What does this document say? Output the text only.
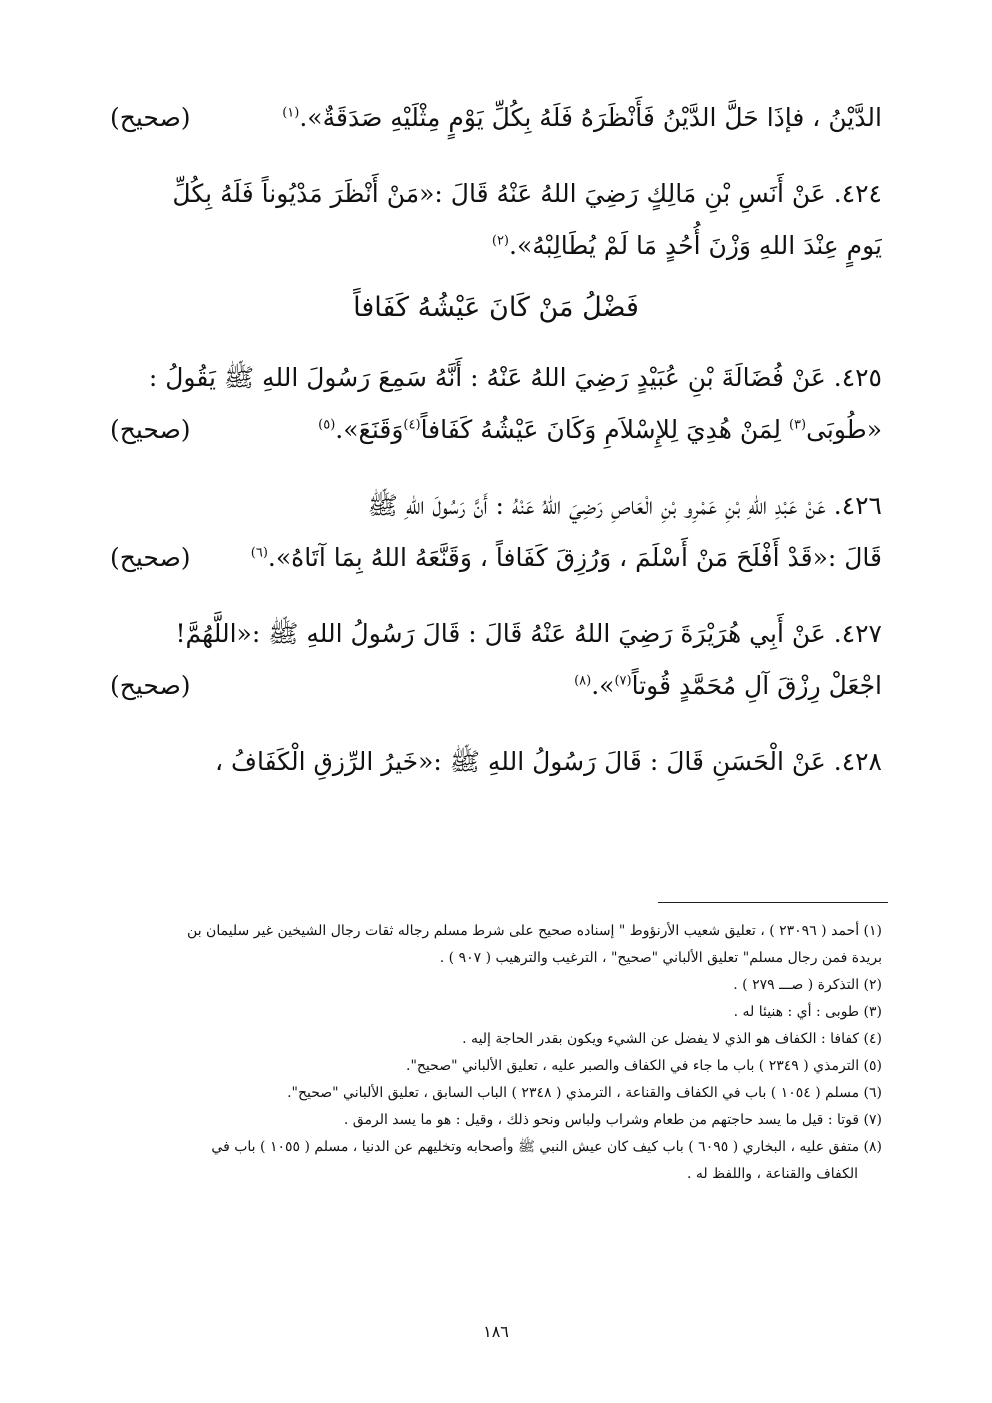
الدَّيْنُ ، فإذَا حَلَّ الدَّيْنُ فَأَنْظَرَهُ فَلَهُ بِكُلِّ يَوْمٍ مِثْلَيْهِ صَدَقَةٌ».$^{(١)}$
(صحيح)
٤٢٤. عَنْ أَنَسِ بْنِ مَالِكٍ رَضِيَ اللهُ عَنْهُ قَالَ :«مَنْ أَنْظَرَ مَدْيُوناً فَلَهُ بِكُلِّ
يَومٍ عِنْدَ اللهِ وَزْنَ أُحُدٍ مَا لَمْ يُطَالِبْهُ».$^{(٢)}$
فَضْلُ مَنْ كَانَ عَيْشُهُ كَفَافاً
٤٢٥. عَنْ فُضَالَةَ بْنِ عُبَيْدٍ رَضِيَ اللهُ عَنْهُ : أَنَّهُ سَمِعَ رَسُولَ اللهِ ﷺ يَقُولُ :
«طُوبَى$^{(٣)}$ لِمَنْ هُدِيَ لِلإِسْلاَمِ وَكَانَ عَيْشُهُ كَفَافاً$^{(٤)}$وَقَنَعَ».$^{(٥)}$
(صحيح)
٤٢٦. عَنْ عَبْدِ اللهِ بْنِ عَمْرِو بْنِ الْعَاصِ رَضِيَ اللهُ عَنْهُ : أَنَّ رَسُولَ اللهِ ﷺ
قَالَ :«قَدْ أَفْلَحَ مَنْ أَسْلَمَ ، وَرُزِقَ كَفَافاً ، وَقَنَّعَهُ اللهُ بِمَا آتَاهُ».$^{(٦)}$
(صحيح)
٤٢٧. عَنْ أَبِي هُرَيْرَةَ رَضِيَ اللهُ عَنْهُ قَالَ : قَالَ رَسُولُ اللهِ ﷺ :«اللَّهُمَّ!
اجْعَلْ رِزْقَ آلِ مُحَمَّدٍ قُوتاً$^{(٧)}$».$^{(٨)}$
(صحيح)
٤٢٨. عَنْ الْحَسَنِ قَالَ : قَالَ رَسُولُ اللهِ ﷺ :«خَيرُ الرِّزقِ الْكَفَافُ ،
(١) أحمد ( ٢٣٠٩٦ ) ، تعليق شعيب الأرنؤوط " إسناده صحيح على شرط مسلم رجاله ثقات رجال الشيخين غير سليمان بن
بريدة فمن رجال مسلم" تعليق الألباني "صحيح" ، الترغيب والترهيب ( ٩٠٧ ) .
(٢) التذكرة ( صـــ ٢٧٩ ) .
(٣) طوبى : أي : هنيئا له .
(٤) كفافا : الكفاف هو الذي لا يفضل عن الشيء ويكون بقدر الحاجة إليه .
(٥) الترمذي ( ٢٣٤٩ ) باب ما جاء في الكفاف والصبر عليه ، تعليق الألباني "صحيح".
(٦) مسلم ( ١٠٥٤ ) باب في الكفاف والقناعة ، الترمذي ( ٢٣٤٨ ) الباب السابق ، تعليق الألباني "صحيح".
(٧) قوتا : قيل ما يسد حاجتهم من طعام وشراب ولباس ونحو ذلك ، وقيل : هو ما يسد الرمق .
(٨) متفق عليه ، البخاري ( ٦٠٩٥ ) باب كيف كان عيش النبي ﷺ وأصحابه وتخليهم عن الدنيا ، مسلم ( ١٠٥٥ ) باب في
الكفاف والقناعة ، واللفظ له .
١٨٦
